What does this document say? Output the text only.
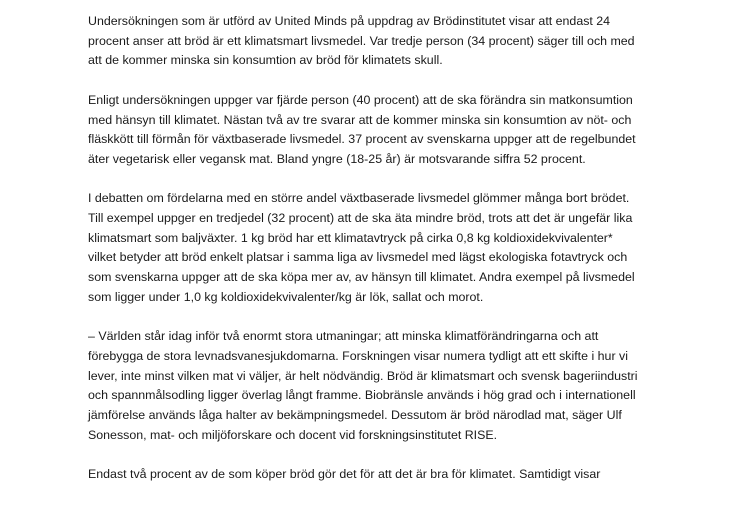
Undersökningen som är utförd av United Minds på uppdrag av Brödinstitutet visar att endast 24
procent anser att bröd är ett klimatsmart livsmedel. Var tredje person (34 procent) säger till och med
att de kommer minska sin konsumtion av bröd för klimatets skull.

Enligt undersökningen uppger var fjärde person (40 procent) att de ska förändra sin matkonsumtion
med hänsyn till klimatet. Nästan två av tre svarar att de kommer minska sin konsumtion av nöt- och
fläskkött till förmån för växtbaserade livsmedel. 37 procent av svenskarna uppger att de regelbundet
äter vegetarisk eller vegansk mat. Bland yngre (18-25 år) är motsvarande siffra 52 procent.

I debatten om fördelarna med en större andel växtbaserade livsmedel glömmer många bort brödet.
Till exempel uppger en tredjedel (32 procent) att de ska äta mindre bröd, trots att det är ungefär lika
klimatsmart som baljväxter. 1 kg bröd har ett klimatavtryck på cirka 0,8 kg koldioxidekvivalenter*
vilket betyder att bröd enkelt platsar i samma liga av livsmedel med lägst ekologiska fotavtryck och
som svenskarna uppger att de ska köpa mer av, av hänsyn till klimatet. Andra exempel på livsmedel
som ligger under 1,0 kg koldioxidekvivalenter/kg är lök, sallat och morot.

– Världen står idag inför två enormt stora utmaningar; att minska klimatförändringarna och att
förebygga de stora levnadsvanesjukdomarna. Forskningen visar numera tydligt att ett skifte i hur vi
lever, inte minst vilken mat vi väljer, är helt nödvändig. Bröd är klimatsmart och svensk bageriindustri
och spannmålsodling ligger överlag långt framme. Biobränsle används i hög grad och i internationell
jämförelse används låga halter av bekämpningsmedel. Dessutom är bröd närodlad mat, säger Ulf
Sonesson, mat- och miljöforskare och docent vid forskningsinstitutet RISE.

Endast två procent av de som köper bröd gör det för att det är bra för klimatet. Samtidigt visar
